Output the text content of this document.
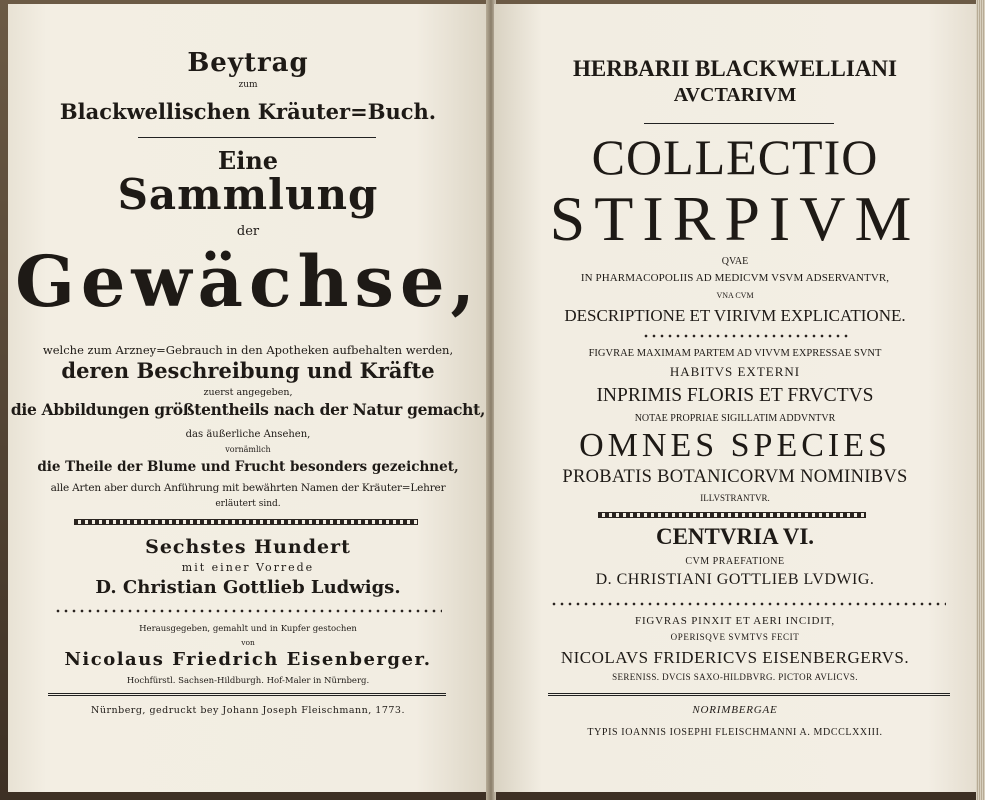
Beytrag
zum
Blackwellischen Kräuter=Buch.
Eine
Sammlung
der
Gewächse,
welche zum Arzney=Gebrauch in den Apotheken aufbehalten werden,
deren Beschreibung und Kräfte
zuerst angegeben,
die Abbildungen größtentheils nach der Natur gemacht,
das äußerliche Ansehen,
vornämlich
die Theile der Blume und Frucht besonders gezeichnet,
alle Arten aber durch Anführung mit bewährten Namen der Kräuter=Lehrer
erläutert sind.
Sechstes Hundert
mit einer Vorrede
D. Christian Gottlieb Ludwigs.
Herausgegeben, gemahlt und in Kupfer gestochen
von
Nicolaus Friedrich Eisenberger.
Hochfürstl. Sachsen-Hildburgh. Hof-Maler in Nürnberg.
Nürnberg, gedruckt bey Johann Joseph Fleischmann, 1773.
HERBARII BLACKWELLIANI
AVCTARIVM
COLLECTIO
STIRPIVM
QVAE
IN PHARMACOPOLIIS AD MEDICVM VSVM ADSERVANTVR,
VNA CVM
DESCRIPTIONE ET VIRIVM EXPLICATIONE.
FIGVRAE MAXIMAM PARTEM AD VIVVM EXPRESSAE SVNT
HABITVS EXTERNI
INPRIMIS FLORIS ET FRVCTVS
NOTAE PROPRIAE SIGILLATIM ADDVNTVR
OMNES SPECIES
PROBATIS BOTANICORVM NOMINIBVS
ILLVSTRANTVR.
CENTVRIA VI.
CVM PRAEFATIONE
D. CHRISTIANI GOTTLIEB LVDWIG.
FIGVRAS PINXIT ET AERI INCIDIT,
OPERISQVE SVMTVS FECIT
NICOLAVS FRIDERICVS EISENBERGERVS.
SERENISS. DVCIS SAXO-HILDBVRG. PICTOR AVLICVS.
NORIMBERGAE
TYPIS IOANNIS IOSEPHI FLEISCHMANNI A. MDCCLXXIII.
